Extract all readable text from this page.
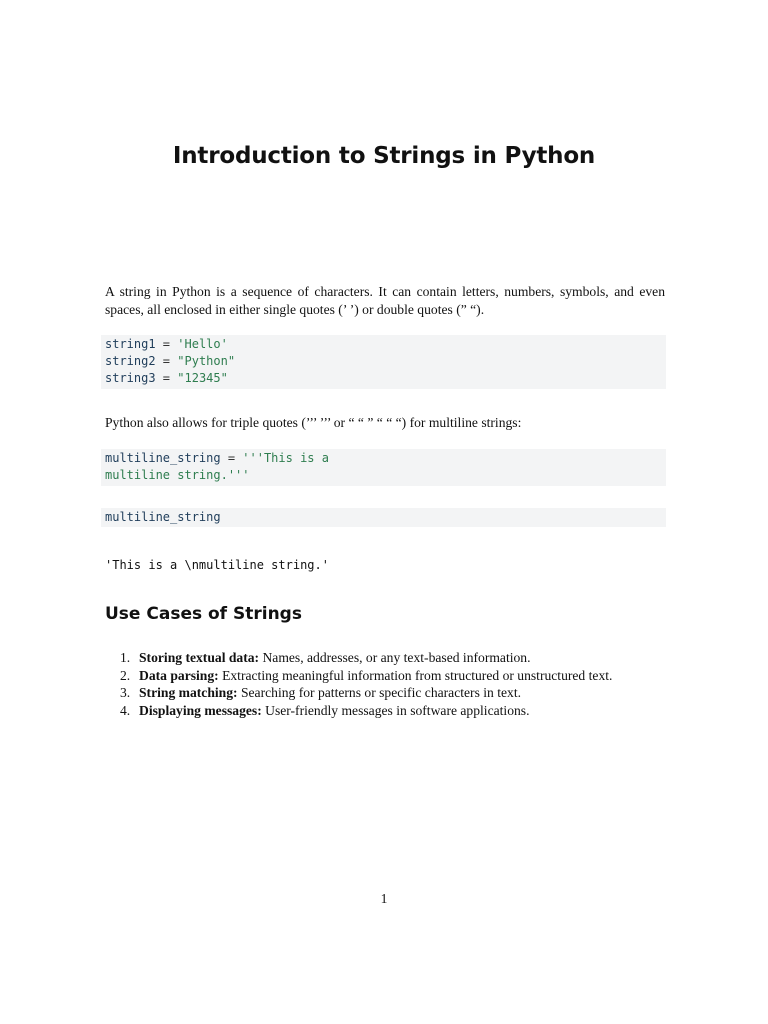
Introduction to Strings in Python

A string in Python is a sequence of characters. It can contain letters, numbers, symbols, and even spaces, all enclosed in either single quotes (’ ’) or double quotes (” “).

string1 = 'Hello'
string2 = "Python"
string3 = "12345"

Python also allows for triple quotes (’’’ ’’’ or “ “ ” “ “ “) for multiline strings:

multiline_string = '''This is a
multiline string.'''
multiline_string
'This is a \nmultiline string.'
Use Cases of Strings
1. Storing textual data: Names, addresses, or any text-based information.
2. Data parsing: Extracting meaningful information from structured or unstructured text.
3. String matching: Searching for patterns or specific characters in text.
4. Displaying messages: User-friendly messages in software applications.

1
